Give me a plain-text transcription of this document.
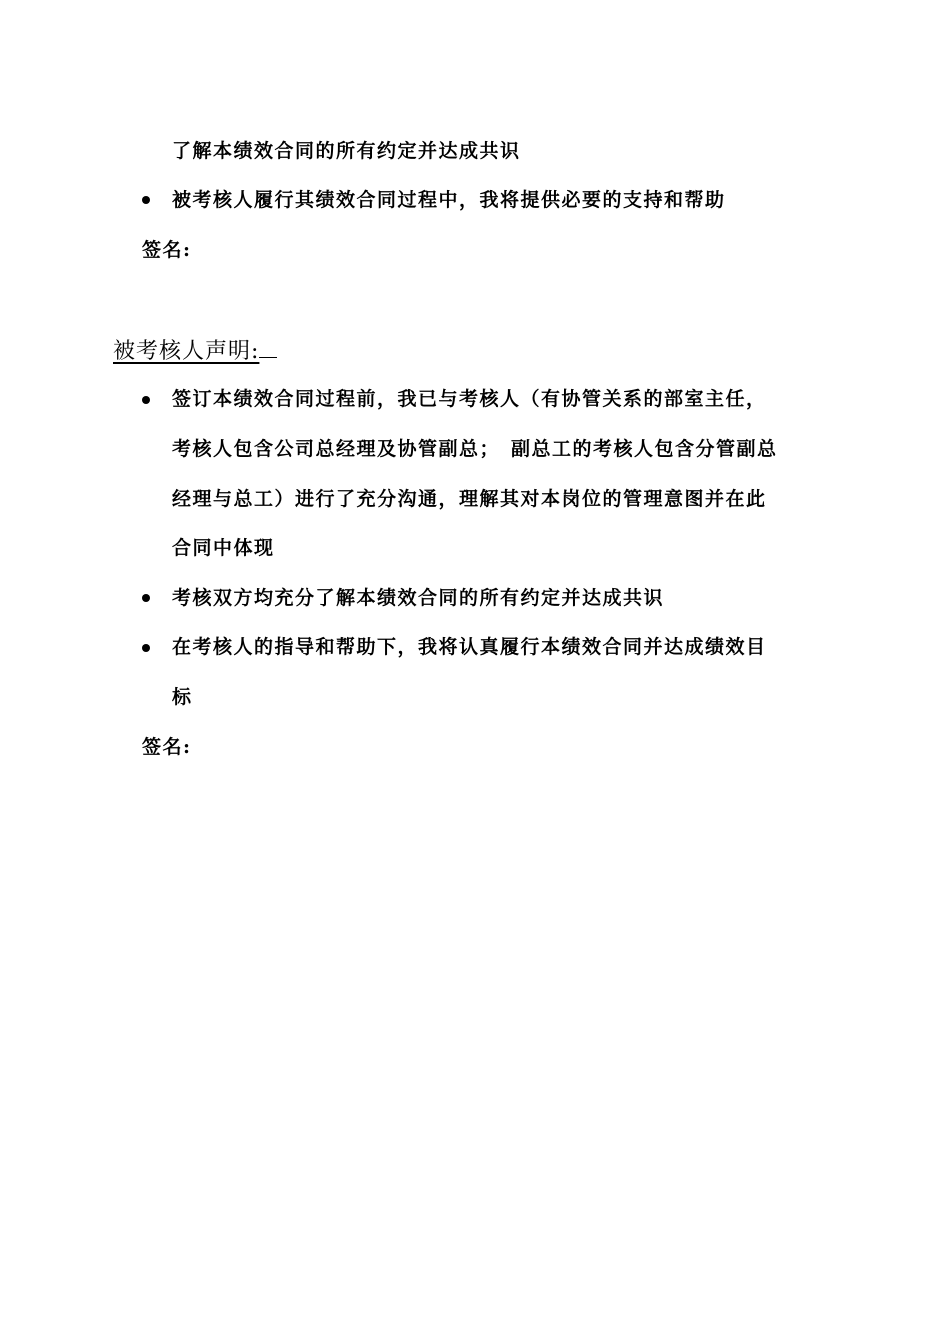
了解本绩效合同的所有约定并达成共识
被考核人履行其绩效合同过程中，我将提供必要的支持和帮助
签名:
被考核人声明:
签订本绩效合同过程前，我已与考核人（有协管关系的部室主任，
考核人包含公司总经理及协管副总；　副总工的考核人包含分管副总
经理与总工）进行了充分沟通，理解其对本岗位的管理意图并在此
合同中体现
考核双方均充分了解本绩效合同的所有约定并达成共识
在考核人的指导和帮助下，我将认真履行本绩效合同并达成绩效目
标
签名:
